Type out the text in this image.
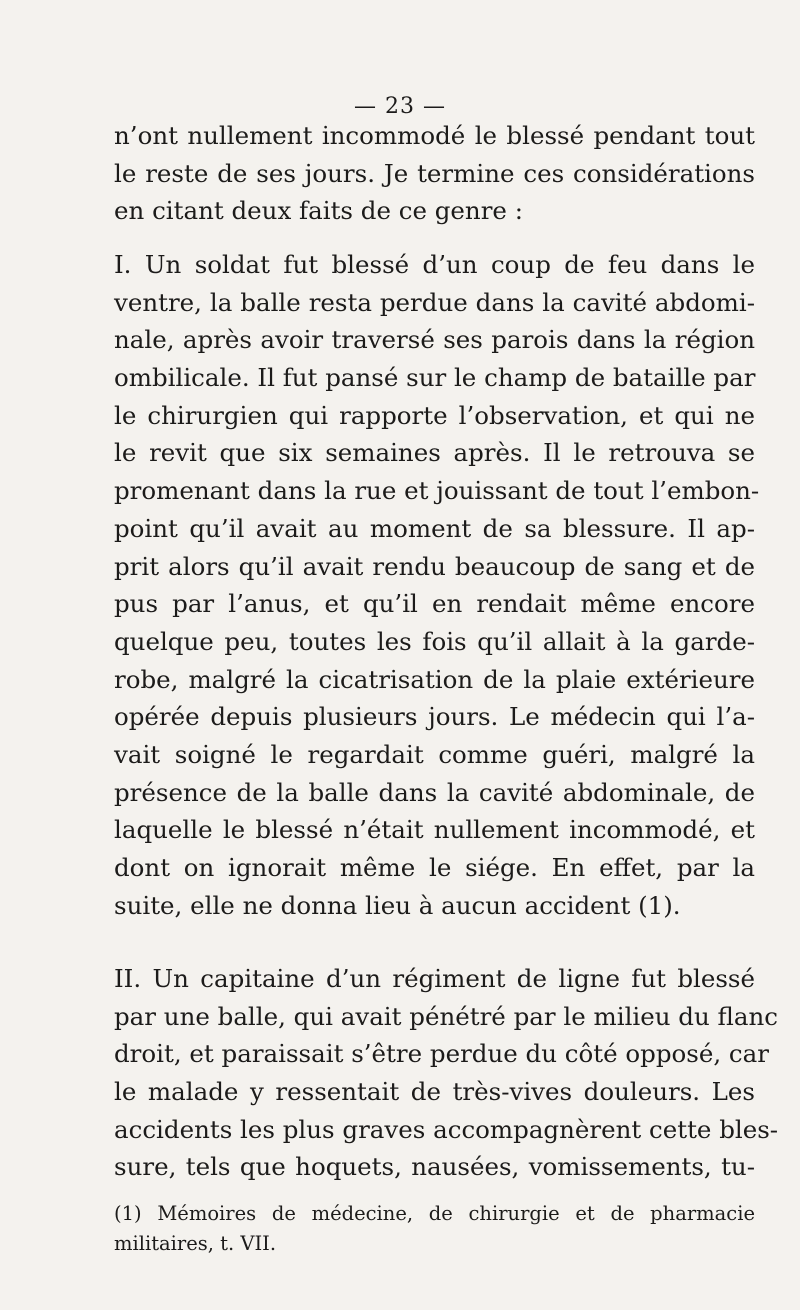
— 23 —
n’ont nullement incommodé le blessé pendant tout
le reste de ses jours. Je termine ces considérations
en citant deux faits de ce genre :
I. Un soldat fut blessé d’un coup de feu dans le
ventre, la balle resta perdue dans la cavité abdomi-
nale, après avoir traversé ses parois dans la région
ombilicale. Il fut pansé sur le champ de bataille par
le chirurgien qui rapporte l’observation, et qui ne
le revit que six semaines après. Il le retrouva se
promenant dans la rue et jouissant de tout l’embon-
point qu’il avait au moment de sa blessure. Il ap-
prit alors qu’il avait rendu beaucoup de sang et de
pus par l’anus, et qu’il en rendait même encore
quelque peu, toutes les fois qu’il allait à la garde-
robe, malgré la cicatrisation de la plaie extérieure
opérée depuis plusieurs jours. Le médecin qui l’a-
vait soigné le regardait comme guéri, malgré la
présence de la balle dans la cavité abdominale, de
laquelle le blessé n’était nullement incommodé, et
dont on ignorait même le siége. En effet, par la
suite, elle ne donna lieu à aucun accident (1).
II. Un capitaine d’un régiment de ligne fut blessé
par une balle, qui avait pénétré par le milieu du flanc
droit, et paraissait s’être perdue du côté opposé, car
le malade y ressentait de très-vives douleurs. Les
accidents les plus graves accompagnèrent cette bles-
sure, tels que hoquets, nausées, vomissements, tu-
(1) Mémoires de médecine, de chirurgie et de pharmacie
militaires, t. VII.
